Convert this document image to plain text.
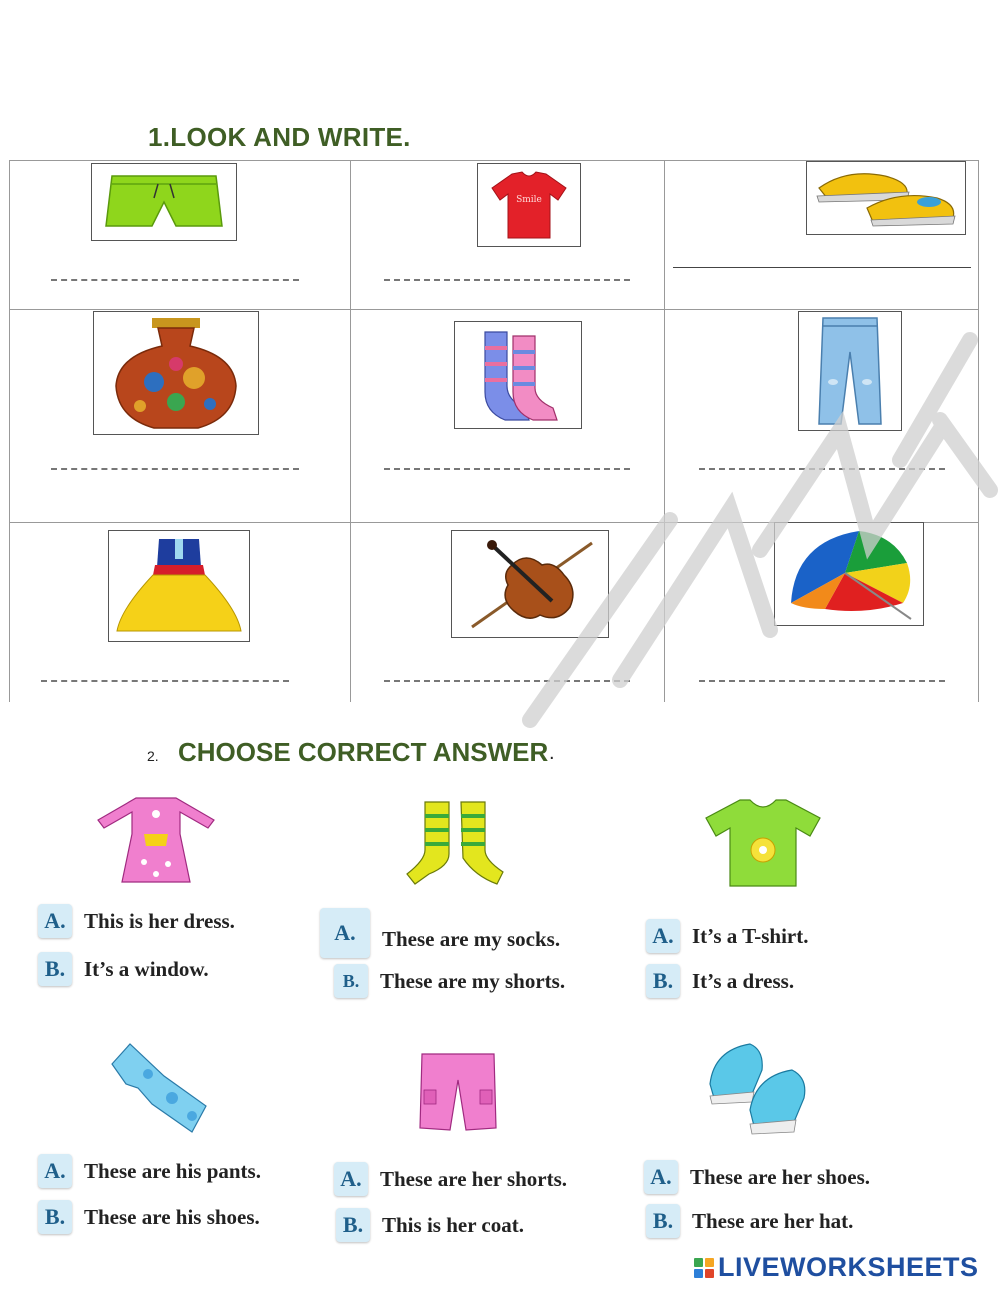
1.LOOK AND WRITE.
Smile
2. CHOOSE CORRECT ANSWER .
A. This is her dress.
B. It’s a window.
A.	These are my socks.
B. These are my shorts.
A. It’s a T-shirt.
B. It’s a dress.
A. These are his pants.
B. These are his shoes.
A. These are her shorts.
B. This is her coat.
A. These are her shoes.
B. These are her hat.
LIVEWORKSHEETS
